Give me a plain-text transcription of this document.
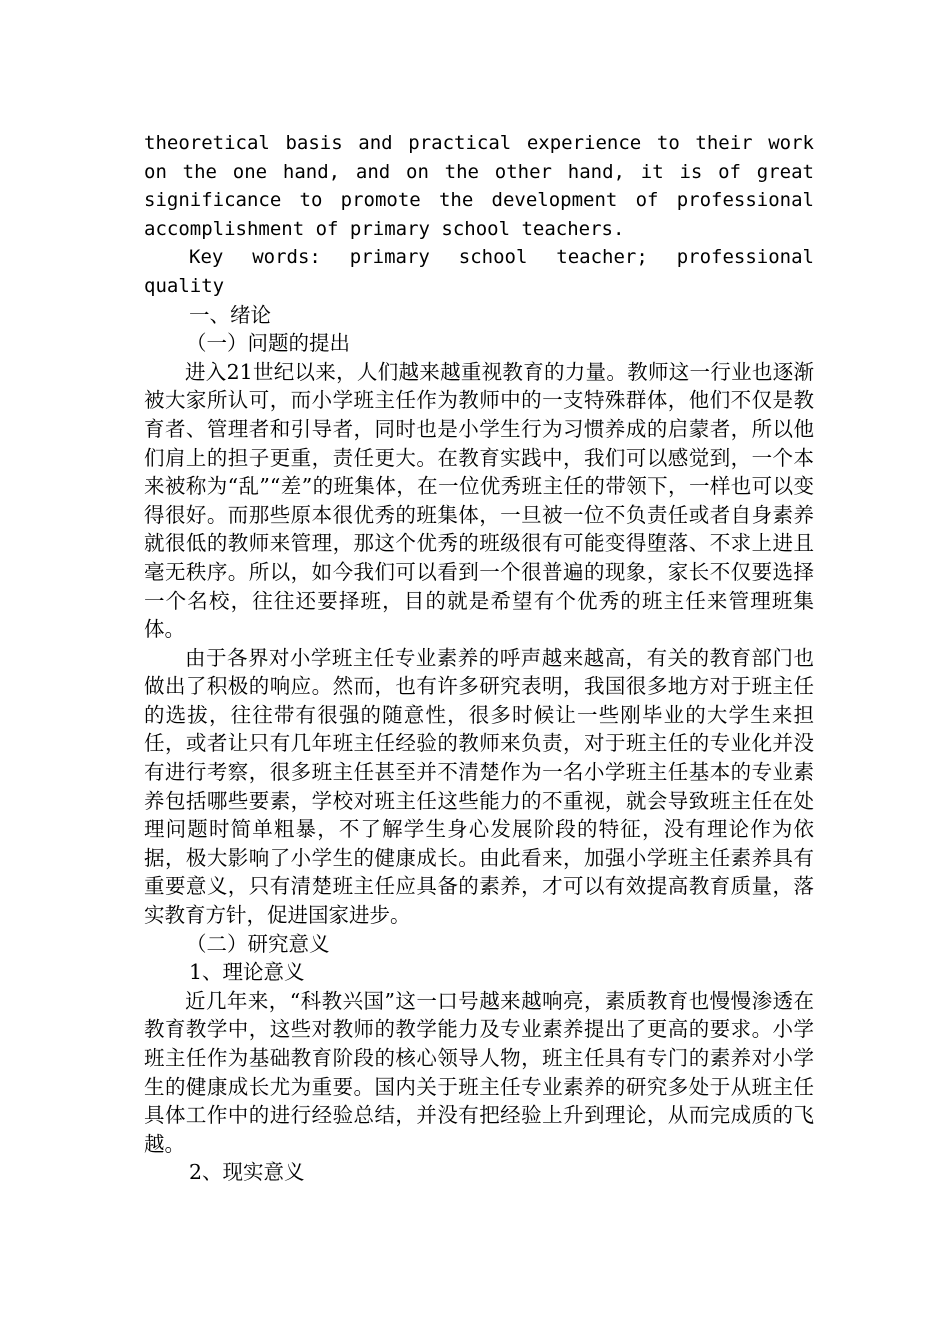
theoretical basis and practical experience to their work on the one hand, and on the other hand, it is of great significance to promote the development of professional accomplishment of primary school teachers.

Key words: primary school teacher; professional quality

一、绪论

（一）问题的提出

进入21世纪以来，人们越来越重视教育的力量。教师这一行业也逐渐被大家所认可，而小学班主任作为教师中的一支特殊群体，他们不仅是教育者、管理者和引导者，同时也是小学生行为习惯养成的启蒙者，所以他们肩上的担子更重，责任更大。在教育实践中，我们可以感觉到，一个本来被称为“乱”“差”的班集体，在一位优秀班主任的带领下，一样也可以变得很好。而那些原本很优秀的班集体，一旦被一位不负责任或者自身素养就很低的教师来管理，那这个优秀的班级很有可能变得堕落、不求上进且毫无秩序。所以，如今我们可以看到一个很普遍的现象，家长不仅要选择一个名校，往往还要择班，目的就是希望有个优秀的班主任来管理班集体。

由于各界对小学班主任专业素养的呼声越来越高，有关的教育部门也做出了积极的响应。然而，也有许多研究表明，我国很多地方对于班主任的选拔，往往带有很强的随意性，很多时候让一些刚毕业的大学生来担任，或者让只有几年班主任经验的教师来负责，对于班主任的专业化并没有进行考察，很多班主任甚至并不清楚作为一名小学班主任基本的专业素养包括哪些要素，学校对班主任这些能力的不重视，就会导致班主任在处理问题时简单粗暴，不了解学生身心发展阶段的特征，没有理论作为依据，极大影响了小学生的健康成长。由此看来，加强小学班主任素养具有重要意义，只有清楚班主任应具备的素养，才可以有效提高教育质量，落实教育方针，促进国家进步。

（二）研究意义

1、理论意义

近几年来，“科教兴国”这一口号越来越响亮，素质教育也慢慢渗透在教育教学中，这些对教师的教学能力及专业素养提出了更高的要求。小学班主任作为基础教育阶段的核心领导人物，班主任具有专门的素养对小学生的健康成长尤为重要。国内关于班主任专业素养的研究多处于从班主任具体工作中的进行经验总结，并没有把经验上升到理论，从而完成质的飞越。

2、现实意义
